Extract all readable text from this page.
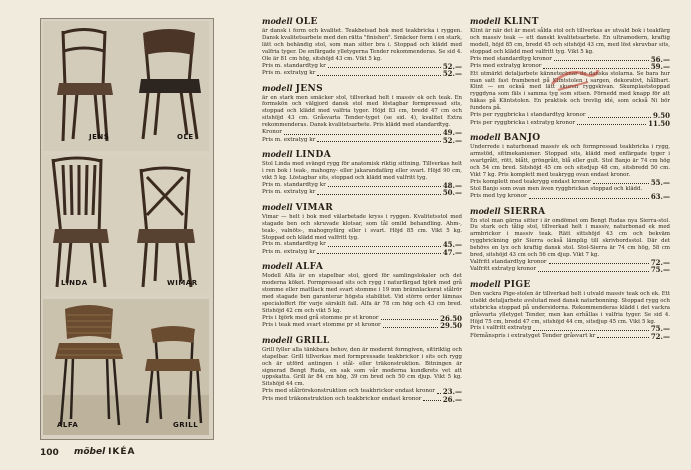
JENS	OLE
LINDA	WIMAR
ALFA	GRILL
modell OLE
är dansk i form och kvalitet. Teakbetsad bok med teakbricka i ryggen. Dansk kvalitetsarbete med den rätta "finishen". Smäcker form i en stark, lätt och behändig stol, som man sitter bra i. Stoppad och klädd med valfria tyger. De enfärgade ylletygerna Tender rekommenderas. Se sid 4. Ole är 81 cm hög, sitshöjd 43 cm. Vikt 5 kg.
Pris m. standardtyg kr	52.—
Pris m. extratyg kr	52.—
modell JENS
är en stark men smäcker stol, tillverkad helt i massiv ek och teak. En formskön och välgjord dansk stol med löstagbar formpressad sits, stoppad och klädd med valfria tyger. Höjd 83 cm, bredd 47 cm och sitshöjd 43 cm. Gråsvarta Tender-tyget (se sid. 4), kvalitet Extra rekommenderas. Dansk kvalitetsarbete. Pris klädd med standardtyg.
Kronor	49.—
Pris m. extratyg kr	52.—
modell LINDA
Stol Linda med svängd rygg för anatomisk riktig sittning. Tillverkas helt i ren bok i teak-, mahogny- eller jakarandafärg eller svart. Höjd 90 cm, vikt 5 kg. Löstagbar sits, stoppad och klädd med valfritt tyg.
Pris m. standardtyg kr	48.—
Pris m. extratyg kr	50.—
modell VIMAR
Vimar — helt i bok med välarbetade kryss i ryggen. Kvalitetsstol med stagade ben och skruvade klotsar, som tål omild behandling. Ahm-, teak-, valnöts-, mahognyfärg eller i svart. Höjd 85 cm. Vikt 5 kg. Stoppad och klädd med valfritt tyg.
Pris m. standardtyg kr	45.—
Pris m. extratyg kr	47.—
modell ALFA
Modell Alfa är en stapelbar stol, gjord för samlingslokaler och det moderna köket. Formpressad sits och rygg i naturfärgad björk med grå stomme eller mattlack med svart stomme i 19 mm brännlackerat stålrör med stagade ben garanterar högsta stabilitet. Vid större order lämnas specialoffert för varje särskilt fall. Alfa är 78 cm hög och 43 cm bred. Sitshöjd 42 cm och vikt 5 kg.
Pris i björk med grå stomme pr st kronor	26.50
Pris i teak med svart stomme pr st kronor	29.50
modell GRILL
Grill fyller alla tänkbara behov, den är modernt formgiven, sittriktig och stapelbar. Grill tillverkas med formpressade teakbrickor i sits och rygg och är utförd antingen i stål- eller träkonstruktion. Bitningen är signerad Bengt Ruda, en sak som vår moderna kundkrets vet att uppskatta. Grill är 84 cm hög, 39 cm bred och 50 cm djup. Vikt 5 kg. Sitshöjd 44 cm.
Pris med stålrörskonstruktion och teakbrickor endast kronor 23.—
Pris med träkonstruktion och teakbrickor endast kronor	26.—
modell KLINT
Klint är när det är mest sålda stol och tillverkas av utvald bok i teakfärg och massiv teak — ett danskt kvalitetsarbete. En ultramodern, kraftig modell, höjd 85 cm, bredd 45 och sitshöjd 43 cm, med löst skruvbar sits, stoppad och klädd med valfritt tyg. Vikt 5 kg.
Pris med standardtyg kronor	56.—
Pris med extratyg kronor	59.—
Ett utmärkt detaljarbete kännetecknar de danska stolarna. Se bara hur man satt fast frambenet på Klintstolen i sargen, dekorativt, hållbart. Klint — en också med lätt skuren ryggskivan. Skumplaststoppad ryggdyna som fäls i samma tyg som sitsen. Förnedd med knapp för att häkas på Klintstolen. En praktisk och trevlig idé, som också Ni bör fundera på.
Pris per ryggbricka i standardtyg kronor	9.50
Pris per ryggbricka i extratyg kronor	11.50
modell BANJO
Underrede i naturbonad massiv ek och formpressad teakbricka i rygg, armstöd, sittmekanismer. Stoppad sits, klädd med enfärgade tyger i svartgrått, rött, blått, gröngrått, blå eller gult. Stol Banjo är 74 cm hög och 54 cm bred. Sitshöjd 45 cm och sitsdjup 48 cm, sitsbredd 50 cm. Vikt 7 kg. Pris komplett med teakrygg ovan endast kronor.
Pris komplett med teakrygg endast kronor	55.—
Stol Banjo som ovan men även ryggbrickan stoppad och klädd.
Pris med tyg kronor	63.—
modell SIERRA
En stol man gärna sitter i är omdömet om Bengt Rudas nya Sierra-stol. Du stark och tålig stol, tillverkad helt i massiv, naturbonad ek med armbrickor i massiv teak. Rätt sittshöjd 43 cm och bekväm ryggbrickning gör Sierra också lämplig till skrivbordsstol. Där det behövs en lyx och kraftig dansk stol. Stol-Sierra är 74 cm hög, 58 cm bred, sitshöjd 43 cm och 56 cm djup. Vikt 7 kg.
Valfritt standardtyg kronor	72.—
Valfritt extratyg kronor	75.—
modell PIGE
Den vackra Pige-stolen är tillverkad helt i utvald massiv teak och ek. Ett utsökt detaljarbete avslutad med dansk naturbonning. Stoppad rygg och sitsbricka stoppad på undersidorna. Rekommenderas klädd i det vackra gråsvarta ylletyget Tender, men kan erhållas i valfria tyger. Se sid 4. Höjd 75 cm, bredd 47 cm, sitshöjd 44 cm, sitsdjup 45 cm. Vikt 5 kg.
Pris i valfritt extratyg	75.—
Förmånspris i extratyget Tender gråsvart kr	72.—
100 möbel IKÉA
